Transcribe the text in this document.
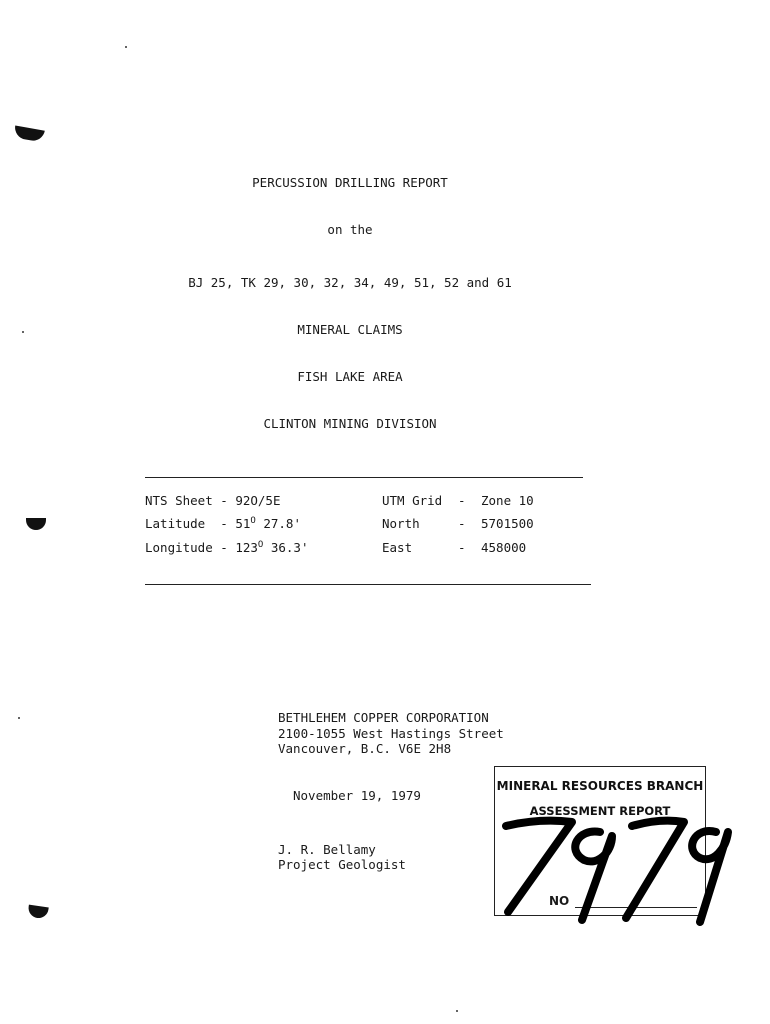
PERCUSSION DRILLING REPORT
on the
BJ 25, TK 29, 30, 32, 34, 49, 51, 52 and 61
MINERAL CLAIMS
FISH LAKE AREA
CLINTON MINING DIVISION
NTS Sheet - 92O/5E
Latitude - $51^O$ 27.8'
Longitude - $123^O$ 36.3'
UTM Grid - Zone 10
North	- 5701500
East	- 458000
BETHLEHEM COPPER CORPORATION
2100-1055 West Hastings Street
Vancouver, B.C. V6E 2H8
November 19, 1979
J. R. Bellamy
Project Geologist
MINERAL RESOURCES BRANCH
ASSESSMENT REPORT
NO
